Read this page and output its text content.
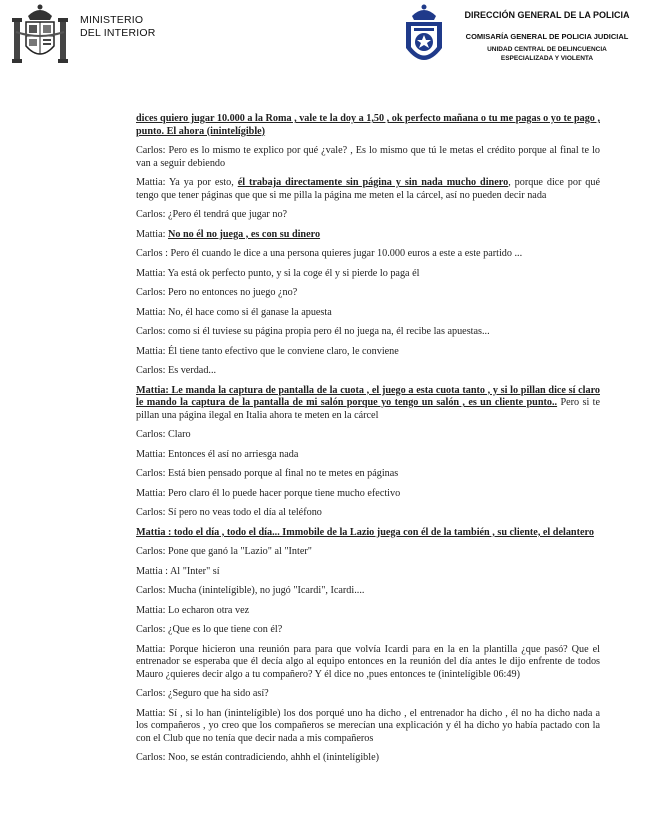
MINISTERIO
DEL INTERIOR
DIRECCIÓN GENERAL DE LA POLICIA
COMISARÍA GENERAL DE POLICIA JUDICIAL
UNIDAD CENTRAL DE DELINCUENCIA
ESPECIALIZADA Y VIOLENTA

dices quiero jugar 10.000 a la Roma , vale te la doy a 1,50 , ok perfecto mañana o tu me pagas o yo te pago , punto. El ahora (inintelígible)

Carlos: Pero es lo mismo te explico por qué ¿vale? , Es lo mismo que tú le metas el crédito porque al final te lo van a seguir debiendo

Mattia: Ya ya por esto, él trabaja directamente sin página y sin nada mucho dinero, porque dice por qué tengo que tener páginas que que si me pilla la página me meten el la cárcel, así no pueden decir nada

Carlos: ¿Pero él tendrá que jugar no?

Mattia: No no él no juega , es con su dinero

Carlos : Pero él cuando le dice a una persona quieres jugar 10.000 euros a este a este partido ...

Mattia: Ya está ok perfecto punto, y si la coge él y si pierde lo paga él

Carlos: Pero no entonces no juego ¿no?

Mattia: No, él hace como si él ganase la apuesta

Carlos: como si él tuviese su página propia pero él no juega na, él recibe las apuestas...

Mattia: Él tiene tanto efectivo que le conviene claro, le conviene

Carlos: Es verdad...

Mattia: Le manda la captura de pantalla de la cuota , el juego a esta cuota tanto , y si lo pillan dice sí claro le mando la captura de la pantalla de mi salón porque yo tengo un salón , es un cliente punto.. Pero si te pillan una página ilegal en Italia ahora te meten en la cárcel

Carlos: Claro

Mattia: Entonces él así no arriesga nada

Carlos: Está bien pensado porque al final no te metes en páginas

Mattia: Pero claro él lo puede hacer porque tiene mucho efectivo

Carlos: Sí pero no veas todo el día al teléfono

Mattia : todo el día , todo el día... Immobile de la Lazio juega con él de la también , su cliente, el delantero

Carlos: Pone que ganó la "Lazio" al "Inter"

Mattia : Al "Inter" sí

Carlos: Mucha (inintelígible), no jugó "Icardi", Icardi....

Mattia: Lo echaron otra vez

Carlos: ¿Que es lo que tiene con él?

Mattia: Porque hicieron una reunión para para que volvía Icardi para en la en la plantilla ¿que pasó? Que el entrenador se esperaba que él decía algo al equipo entonces en la reunión del día antes le dijo enfrente de todos Mauro ¿quieres decir algo a tu compañero? Y él dice no ,pues entonces te (inintelígible 06:49)

Carlos: ¿Seguro que ha sido así?

Mattia: Sí , si lo han (inintelígible) los dos porqué uno ha dicho , el entrenador ha dicho , él no ha dicho nada a los compañeros , yo creo que los compañeros se merecían una explicación y él ha dicho yo había pactado con la con el Club que no tenía que decir nada a mis compañeros

Carlos: Noo, se están contradiciendo, ahhh el (inintelígible)
